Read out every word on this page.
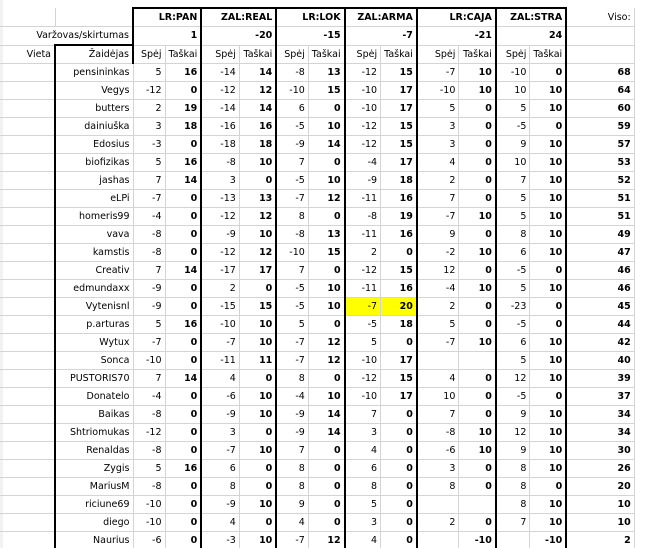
		LR:PAN		ZAL:REAL		LR:LOK		ZAL:ARMA		LR:CAJA		ZAL:STRA		Viso:
Varžovas/skirtumas		1		-20		-15		-7		-21		24		
Vieta	Žaidėjas	Spėj	Taškai	Spėj	Taškai	Spėj	Taškai	Spėj	Taškai	Spėj	Taškai	Spėj	Taškai	
	pensininkas	5	16	-14	14	-8	13	-12	15	-7	10	-10	0	68
	Vegys	-12	0	-12	12	-10	15	-10	17	-10	10	10	10	64
	butters	2	19	-14	14	6	0	-10	17	5	0	5	10	60
	dainiuška	3	18	-16	16	-5	10	-12	15	3	0	-5	0	59
	Edosius	-3	0	-18	18	-9	14	-12	15	3	0	9	10	57
	biofizikas	5	16	-8	10	7	0	-4	17	4	0	10	10	53
	jashas	7	14	3	0	-5	10	-9	18	2	0	7	10	52
	eLPi	-7	0	-13	13	-7	12	-11	16	7	0	5	10	51
	homeris99	-4	0	-12	12	8	0	-8	19	-7	10	5	10	51
	vava	-8	0	-9	10	-8	13	-11	16	9	0	8	10	49
	kamstis	-8	0	-12	12	-10	15	2	0	-2	10	6	10	47
	Creativ	7	14	-17	17	7	0	-12	15	12	0	-5	0	46
	edmundaxx	-9	0	2	0	-5	10	-11	16	-4	10	5	10	46
	Vytenisnl	-9	0	-15	15	-5	10	-7	20	2	0	-23	0	45
	p.arturas	5	16	-10	10	5	0	-5	18	5	0	-5	0	44
	Wytux	-7	0	-7	10	-7	12	5	0	-7	10	6	10	42
	Sonca	-10	0	-11	11	-7	12	-10	17			5	10	40
	PUSTORIS70	7	14	4	0	8	0	-12	15	4	0	12	10	39
	Donatelo	-4	0	-6	10	-4	10	-10	17	10	0	-5	0	37
	Baikas	-8	0	-9	10	-9	14	7	0	7	0	9	10	34
	Shtriomukas	-12	0	3	0	-9	14	3	0	-8	10	12	10	34
	Renaldas	-8	0	-7	10	7	0	4	0	-6	10	9	10	30
	Zygis	5	16	6	0	8	0	6	0	3	0	8	10	26
	MariusM	-8	0	8	0	8	0	8	0	8	0	8	0	20
	riciune69	-10	0	-9	10	9	0	5	0			8	10	10
	diego	-10	0	4	0	4	0	3	0	2	0	7	10	10
	Naurius	-6	0	-3	10	-7	12	4	0		-10		-10	2
